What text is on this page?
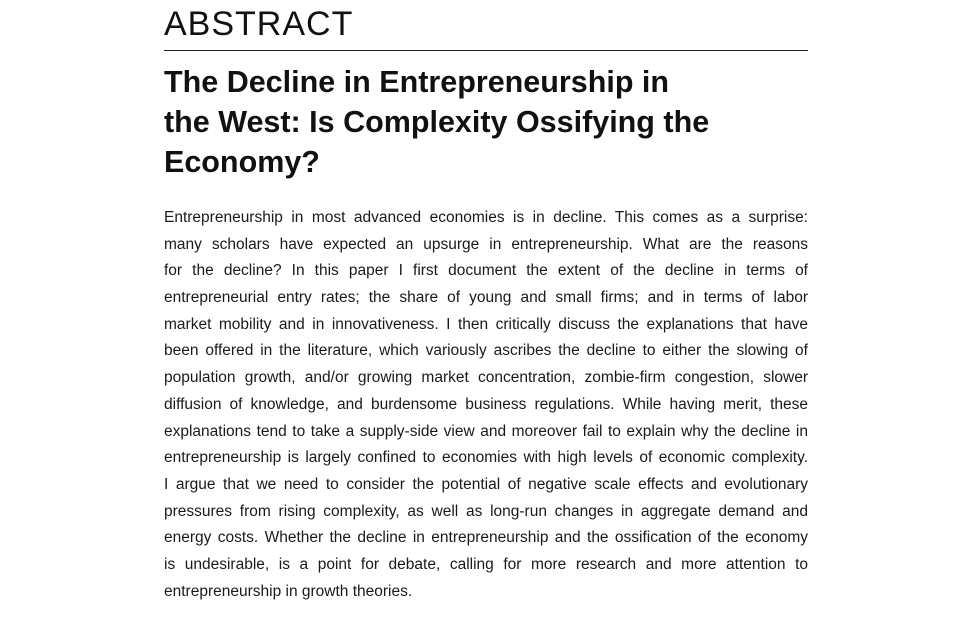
ABSTRACT
The Decline in Entrepreneurship in
the West: Is Complexity Ossifying the
Economy?
Entrepreneurship in most advanced economies is in decline. This comes as a surprise:
many scholars have expected an upsurge in entrepreneurship. What are the reasons
for the decline? In this paper I first document the extent of the decline in terms of
entrepreneurial entry rates; the share of young and small firms; and in terms of labor
market mobility and in innovativeness. I then critically discuss the explanations that have
been offered in the literature, which variously ascribes the decline to either the slowing of
population growth, and/or growing market concentration, zombie-firm congestion, slower
diffusion of knowledge, and burdensome business regulations. While having merit, these
explanations tend to take a supply-side view and moreover fail to explain why the decline in
entrepreneurship is largely confined to economies with high levels of economic complexity.
I argue that we need to consider the potential of negative scale effects and evolutionary
pressures from rising complexity, as well as long-run changes in aggregate demand and
energy costs. Whether the decline in entrepreneurship and the ossification of the economy
is undesirable, is a point for debate, calling for more research and more attention to
entrepreneurship in growth theories.
